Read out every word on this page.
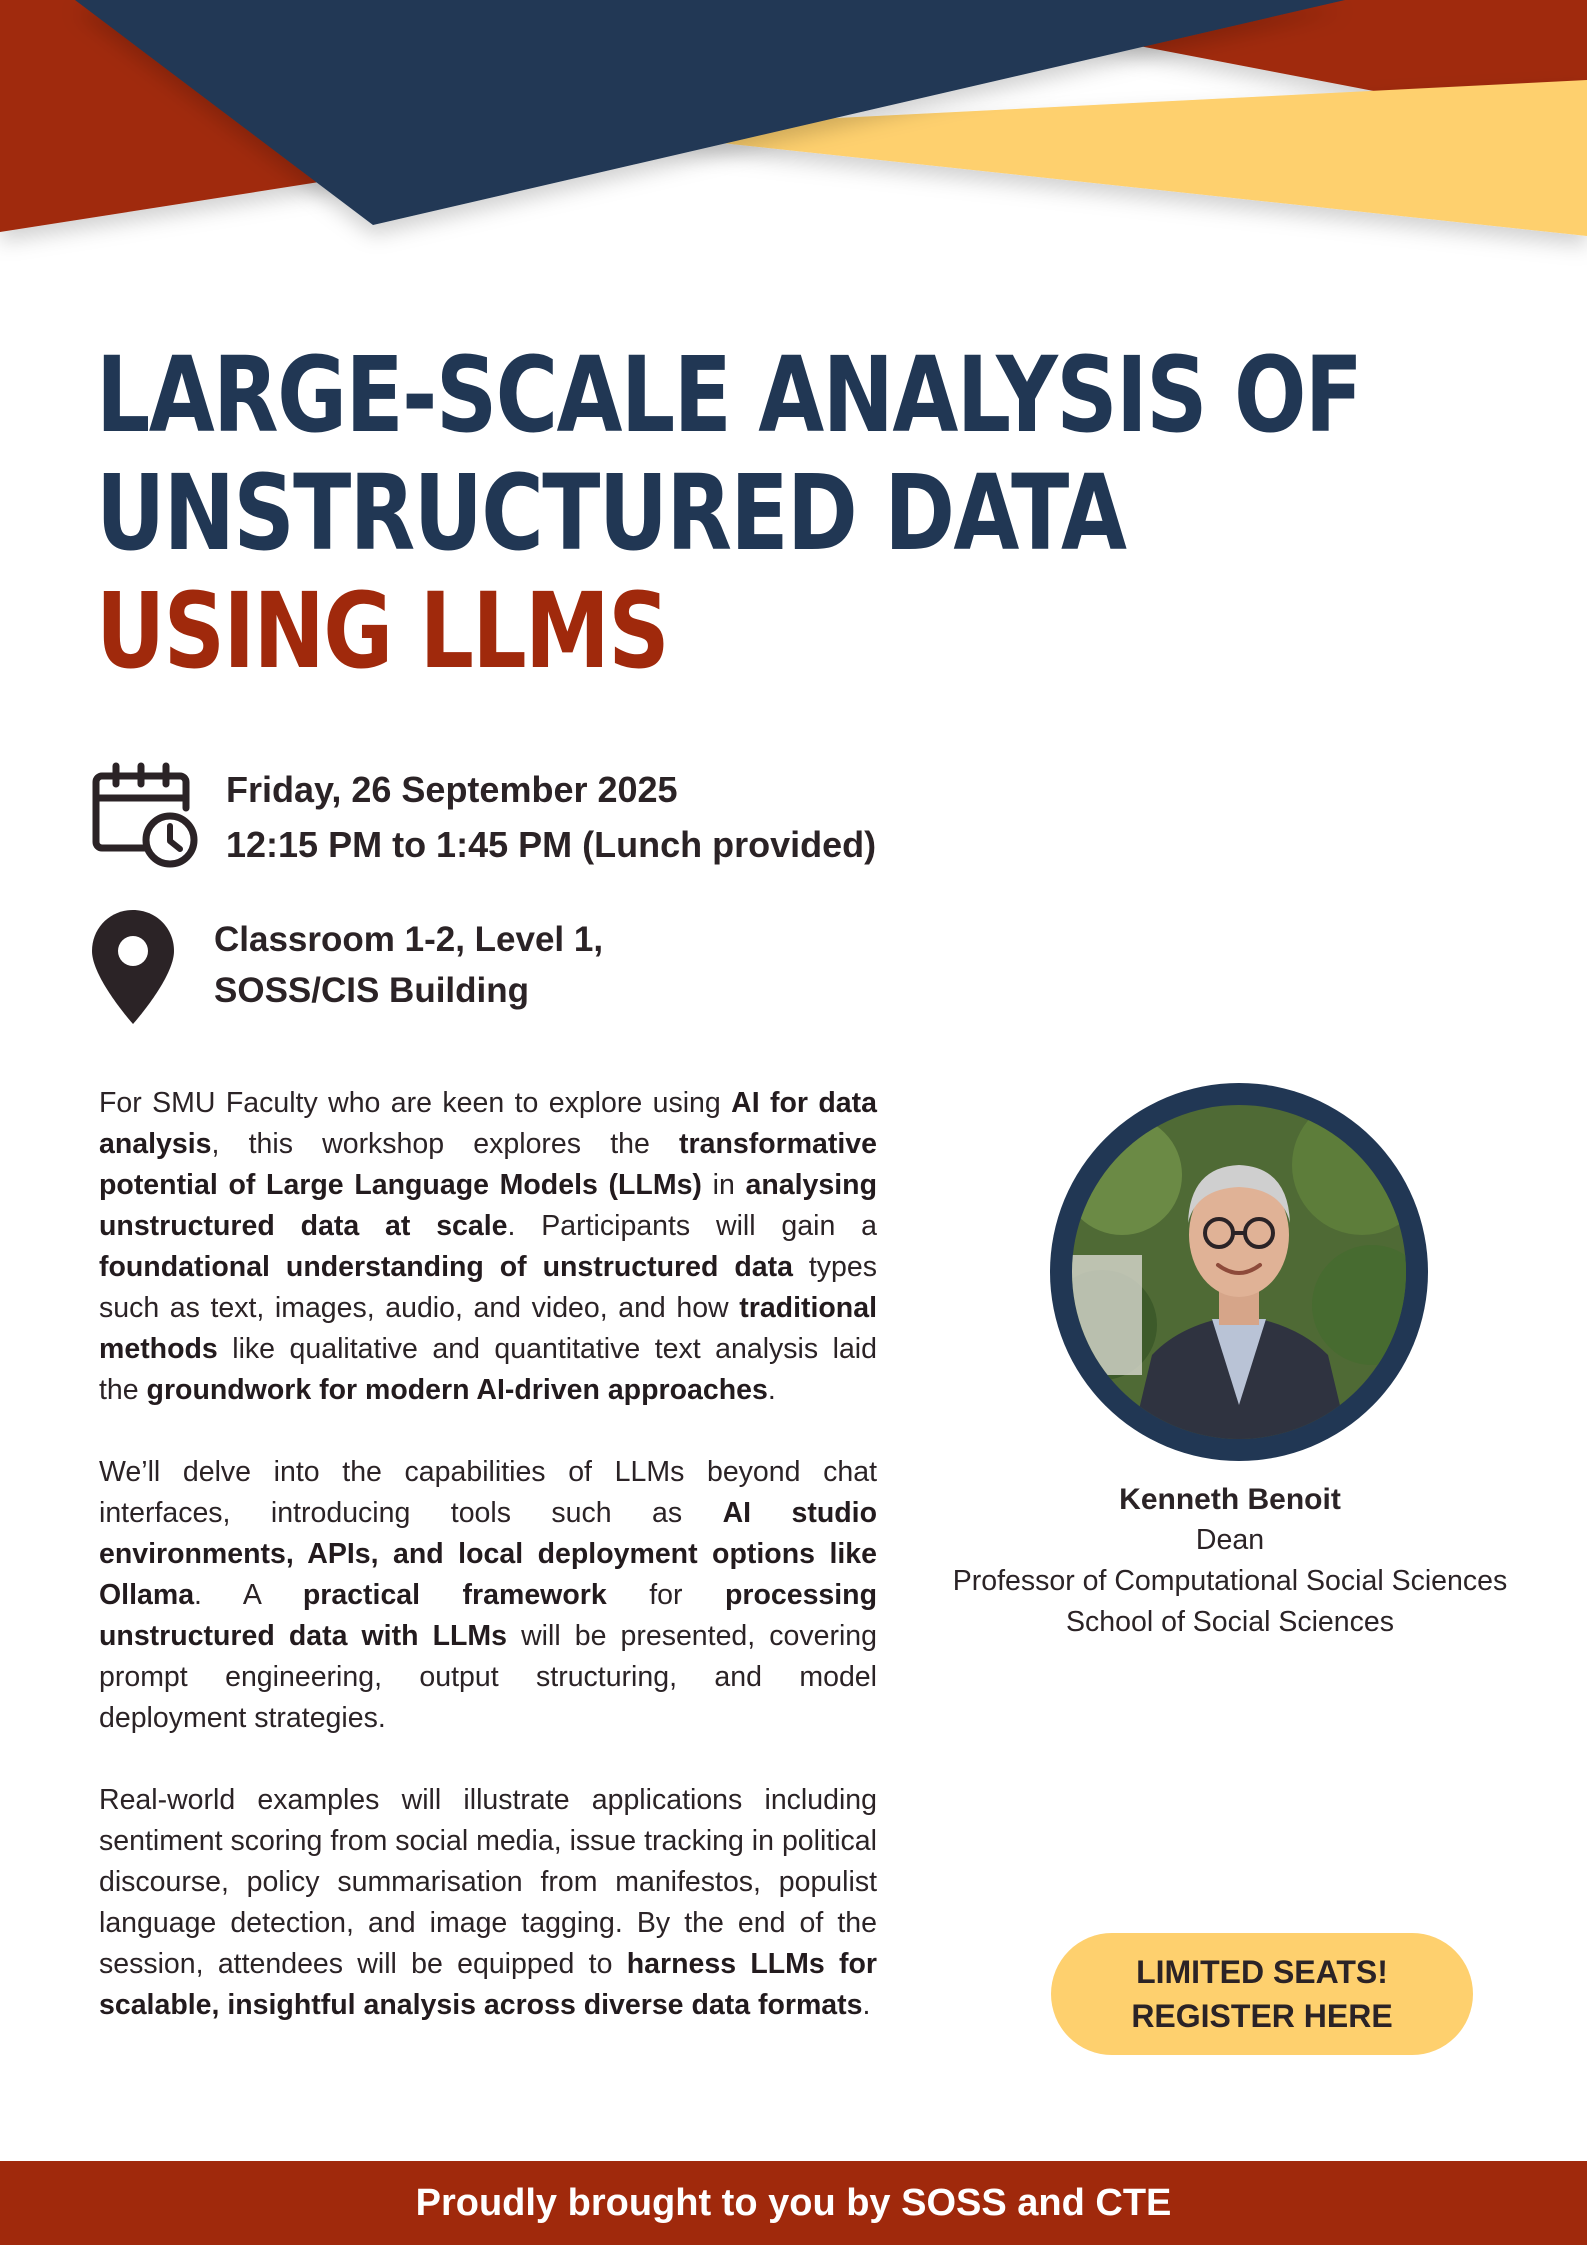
LARGE-SCALE ANALYSIS OF
UNSTRUCTURED DATA
USING LLMS
Friday, 26 September 2025
12:15 PM to 1:45 PM (Lunch provided)
Classroom 1-2, Level 1,
SOSS/CIS Building

For SMU Faculty who are keen to explore using AI for data analysis, this workshop explores the transformative potential of Large Language Models (LLMs) in analysing unstructured data at scale. Participants will gain a foundational understanding of unstructured data types such as text, images, audio, and video, and how traditional methods like qualitative and quantitative text analysis laid the groundwork for modern AI-driven approaches.

We’ll delve into the capabilities of LLMs beyond chat interfaces, introducing tools such as AI studio environments, APIs, and local deployment options like Ollama. A practical framework for processing unstructured data with LLMs will be presented, covering prompt engineering, output structuring, and model deployment strategies.

Real-world examples will illustrate applications including sentiment scoring from social media, issue tracking in political discourse, policy summarisation from manifestos, populist language detection, and image tagging. By the end of the session, attendees will be equipped to harness LLMs for scalable, insightful analysis across diverse data formats.

Kenneth Benoit
Dean
Professor of Computational Social Sciences
School of Social Sciences
LIMITED SEATS!
REGISTER HERE
Proudly brought to you by SOSS and CTE
